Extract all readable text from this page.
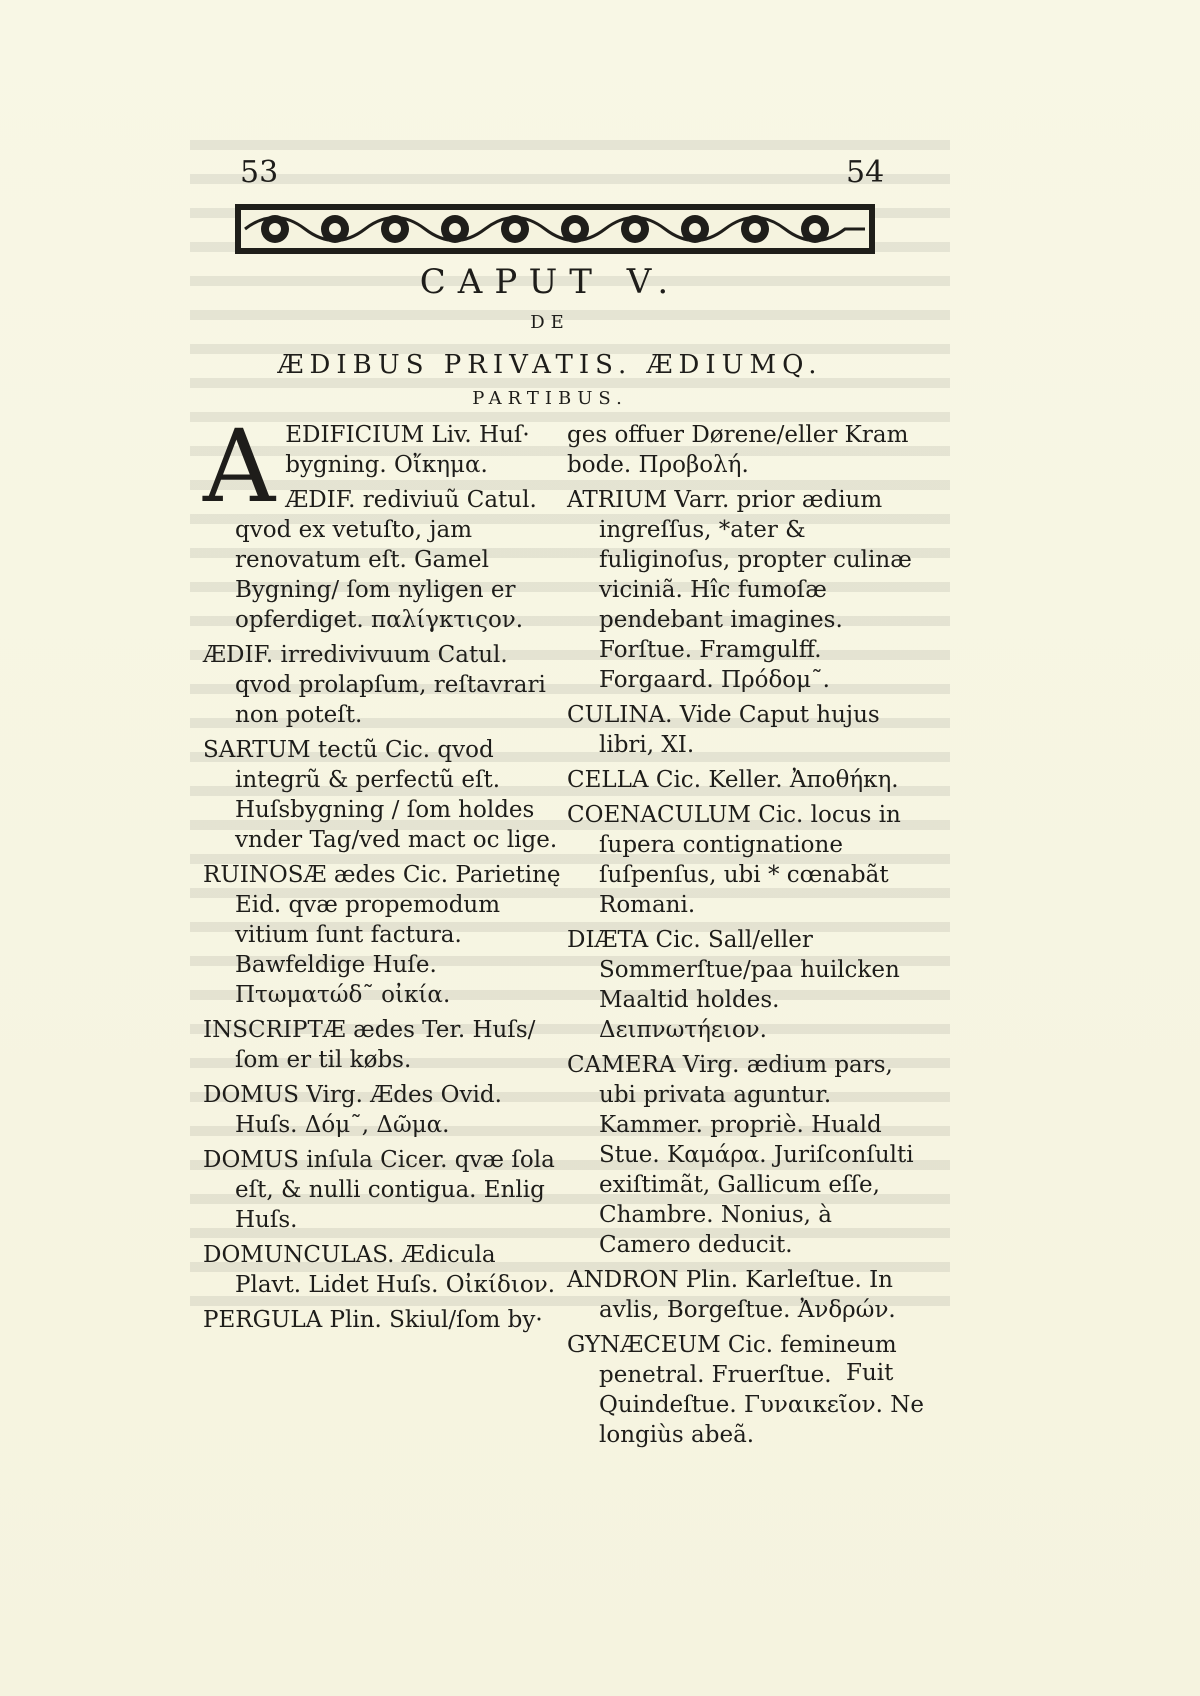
53	54
CAPUT V.
DE
ÆDIBUS PRIVATIS. ÆDIUMQ.
PARTIBUS.
A EDIFICIUM Liv. Huſ· bygning. Οἴκημα.
ÆDIF. rediviuũ Catul. qvod ex vetuſto, jam renovatum eſt. Gamel Bygning/ ſom nyligen er opferdiget. παλίγκτιςον.
ÆDIF. irredivivuum Catul. qvod prolapſum, reſtavrari non poteſt.
SARTUM tectũ Cic. qvod integrũ & perfectũ eſt. Huſsbygning / ſom holdes vnder Tag/ved mact oc lige.
RUINOSÆ ædes Cic. Parietinę Eid. qvæ propemodum vitium ſunt factura. Bawfeldige Huſe. Πτωματώδ῀ οἰκία.
INSCRIPTÆ ædes Ter. Huſs/ ſom er til købs.
DOMUS Virg. Ædes Ovid. Huſs. Δόμ῀, Δῶμα.
DOMUS inſula Cicer. qvæ ſola eſt, & nulli contigua. Enlig Huſs.
DOMUNCULAS. Ædicula Plavt. Lidet Huſs. Οἰκίδιον.
PERGULA Plin. Skiul/ſom by·
ges offuer Dørene/eller Kram bode. Προβολή.
ATRIUM Varr. prior ædium ingreſſus, *ater & fuliginoſus, propter culinæ viciniã. Hîc fumoſæ pendebant imagines. Forſtue. Framgulff. Forgaard. Πρόδομ῀.
CULINA. Vide Caput hujus libri, XI.
CELLA Cic. Keller. Ἀποθήκη.
COENACULUM Cic. locus in ſupera contignatione ſuſpenſus, ubi * cœnabãt Romani.
DIÆTA Cic. Sall/eller Sommerſtue/paa huilcken Maaltid holdes. Δειπνωτήειον.
CAMERA Virg. ædium pars, ubi privata aguntur. Kammer. propriè. Huald Stue. Καμάρα. Juriſconſulti exiſtimãt, Gallicum eſſe, Chambre. Nonius, à Camero deducit.
ANDRON Plin. Karleſtue. In avlis, Borgeſtue. Ἀνδρών.
GYNÆCEUM Cic. femineum penetral. Fruerſtue. Quindeſtue. Γυναικεῖον. Ne longiùs abeã.
Fuit
